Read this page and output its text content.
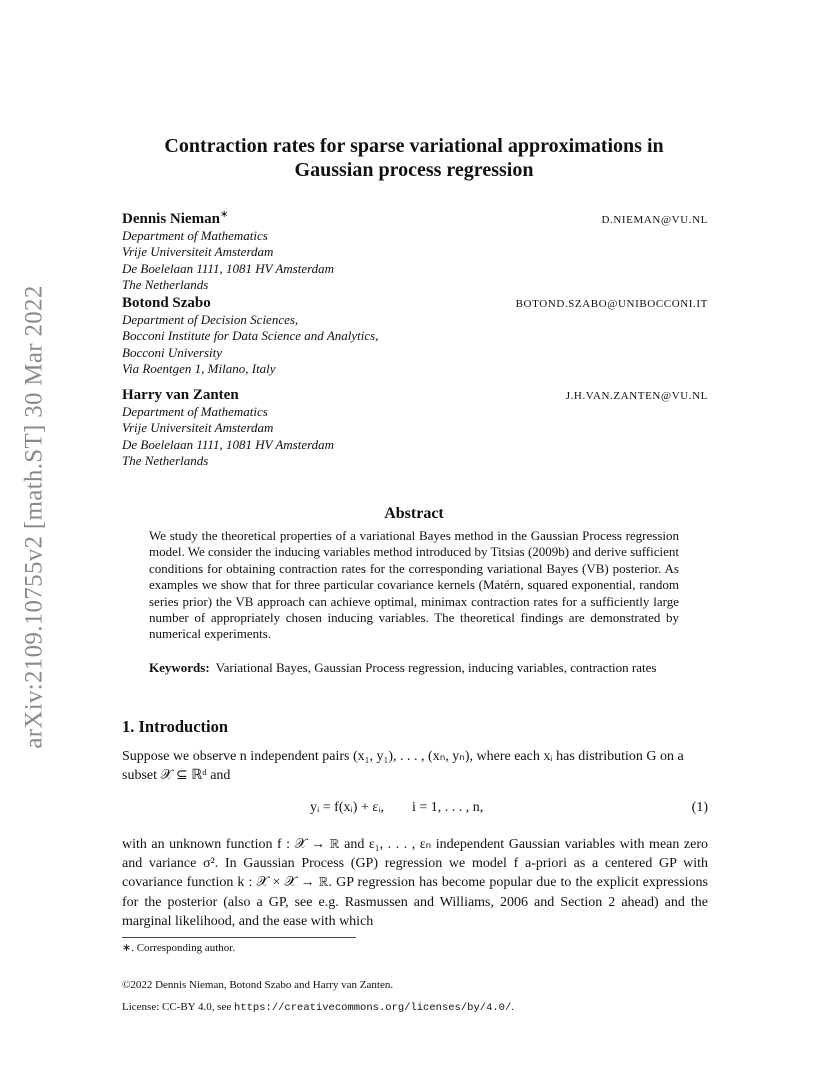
arXiv:2109.10755v2 [math.ST] 30 Mar 2022
Contraction rates for sparse variational approximations in
Gaussian process regression
Dennis Nieman∗	D.NIEMAN@VU.NL
Department of Mathematics
Vrije Universiteit Amsterdam
De Boelelaan 1111, 1081 HV Amsterdam
The Netherlands
Botond Szabo	BOTOND.SZABO@UNIBOCCONI.IT
Department of Decision Sciences,
Bocconi Institute for Data Science and Analytics,
Bocconi University
Via Roentgen 1, Milano, Italy
Harry van Zanten	J.H.VAN.ZANTEN@VU.NL
Department of Mathematics
Vrije Universiteit Amsterdam
De Boelelaan 1111, 1081 HV Amsterdam
The Netherlands
Abstract
We study the theoretical properties of a variational Bayes method in the Gaussian Process regression model. We consider the inducing variables method introduced by Titsias (2009b) and derive sufficient conditions for obtaining contraction rates for the corresponding variational Bayes (VB) posterior. As examples we show that for three particular covariance kernels (Matérn, squared exponential, random series prior) the VB approach can achieve optimal, minimax contraction rates for a sufficiently large number of appropriately chosen inducing variables. The theoretical findings are demonstrated by numerical experiments.
Keywords: Variational Bayes, Gaussian Process regression, inducing variables, contraction rates
1. Introduction
Suppose we observe n independent pairs (x₁, y₁), . . . , (xₙ, yₙ), where each xᵢ has distribution G on a subset 𝒳 ⊆ ℝᵈ and
yᵢ = f(xᵢ) + εᵢ,        i = 1, . . . , n,	(1)
with an unknown function f : 𝒳 → ℝ and ε₁, . . . , εₙ independent Gaussian variables with mean zero and variance σ². In Gaussian Process (GP) regression we model f a-priori as a centered GP with covariance function k : 𝒳 × 𝒳 → ℝ. GP regression has become popular due to the explicit expressions for the posterior (also a GP, see e.g. Rasmussen and Williams, 2006 and Section 2 ahead) and the marginal likelihood, and the ease with which
∗. Corresponding author.
©2022 Dennis Nieman, Botond Szabo and Harry van Zanten.
License: CC-BY 4.0, see https://creativecommons.org/licenses/by/4.0/.
